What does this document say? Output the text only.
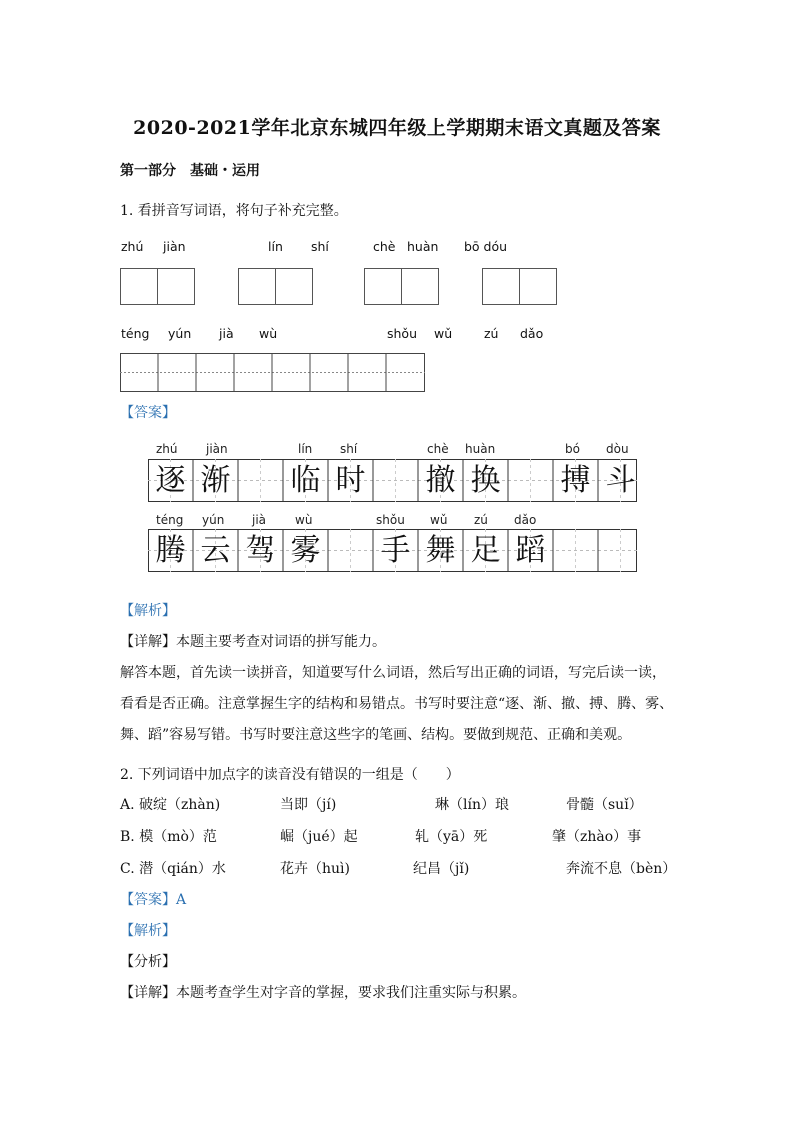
2020-2021学年北京东城四年级上学期期末语文真题及答案
第一部分　基础・运用
1. 看拼音写词语，将句子补充完整。
zhú jiàn	lín shí	chè huàn bō dóu
téng yún jià wù	shǒu wǔ	zú dǎo
【答案】
zhú jiàn	lín shí	chè huàn	bó dòu
逐 渐 临 时 撤 换 搏 斗
téng yún jià wù	shǒu wǔ zú dǎo
腾 云 驾 雾 手 舞 足 蹈
【解析】
【详解】本题主要考查对词语的拼写能力。
解答本题，首先读一读拼音，知道要写什么词语，然后写出正确的词语，写完后读一读，
看看是否正确。注意掌握生字的结构和易错点。书写时要注意“逐、渐、撤、搏、腾、雾、
舞、蹈”容易写错。书写时要注意这些字的笔画、结构。要做到规范、正确和美观。
2. 下列词语中加点字的读音没有错误的一组是（　　）
A. 破绽（zhàn)	当即（jí)	琳（lín）琅	骨髓（suǐ）
B. 模（mò）范	崛（jué）起	轧（yā）死	肇（zhào）事
C. 潜（qián）水	花卉（huì)	纪昌（jǐ)	奔流不息（bèn）
【答案】A
【解析】
【分析】
【详解】本题考查学生对字音的掌握，要求我们注重实际与积累。
